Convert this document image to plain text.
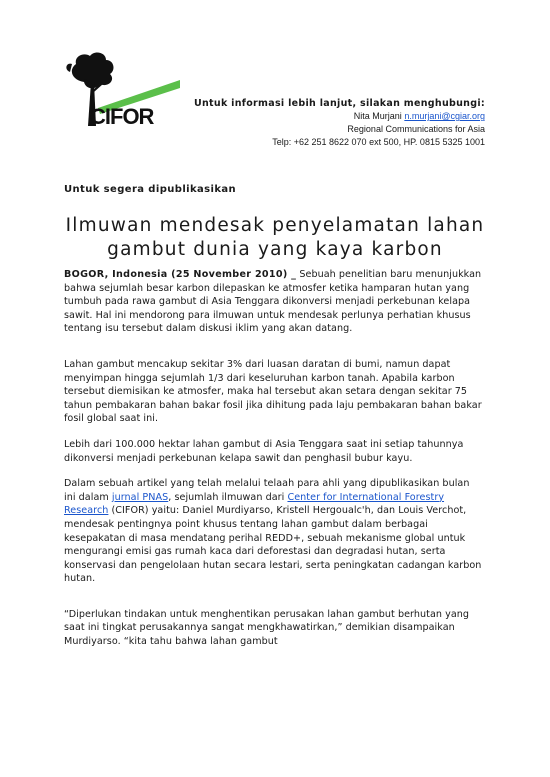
CIFOR
Untuk informasi lebih lanjut, silakan menghubungi:
Nita Murjani n.murjani@cgiar.org
Regional Communications for Asia
Telp: +62 251 8622 070 ext 500, HP. 0815 5325 1001
Untuk segera dipublikasikan
Ilmuwan mendesak penyelamatan lahan
gambut dunia yang kaya karbon

BOGOR, Indonesia (25 November 2010) _ Sebuah penelitian baru menunjukkan bahwa sejumlah besar karbon dilepaskan ke atmosfer ketika hamparan hutan yang tumbuh pada rawa gambut di Asia Tenggara dikonversi menjadi perkebunan kelapa sawit. Hal ini mendorong para ilmuwan untuk mendesak perlunya perhatian khusus tentang isu tersebut dalam diskusi iklim yang akan datang.

Lahan gambut mencakup sekitar 3% dari luasan daratan di bumi, namun dapat menyimpan hingga sejumlah 1/3 dari keseluruhan karbon tanah. Apabila karbon tersebut diemisikan ke atmosfer, maka hal tersebut akan setara dengan sekitar 75 tahun pembakaran bahan bakar fosil jika dihitung pada laju pembakaran bahan bakar fosil global saat ini.

Lebih dari 100.000 hektar lahan gambut di Asia Tenggara saat ini setiap tahunnya dikonversi menjadi perkebunan kelapa sawit dan penghasil bubur kayu.

Dalam sebuah artikel yang telah melalui telaah para ahli yang dipublikasikan bulan ini dalam jurnal PNAS, sejumlah ilmuwan dari Center for International Forestry Research (CIFOR) yaitu: Daniel Murdiyarso, Kristell Hergoualc'h, dan Louis Verchot, mendesak pentingnya point khusus tentang lahan gambut dalam berbagai kesepakatan di masa mendatang perihal REDD+, sebuah mekanisme global untuk mengurangi emisi gas rumah kaca dari deforestasi dan degradasi hutan, serta konservasi dan pengelolaan hutan secara lestari, serta peningkatan cadangan karbon hutan.

“Diperlukan tindakan untuk menghentikan perusakan lahan gambut berhutan yang saat ini tingkat perusakannya sangat mengkhawatirkan,” demikian disampaikan Murdiyarso. “kita tahu bahwa lahan gambut
